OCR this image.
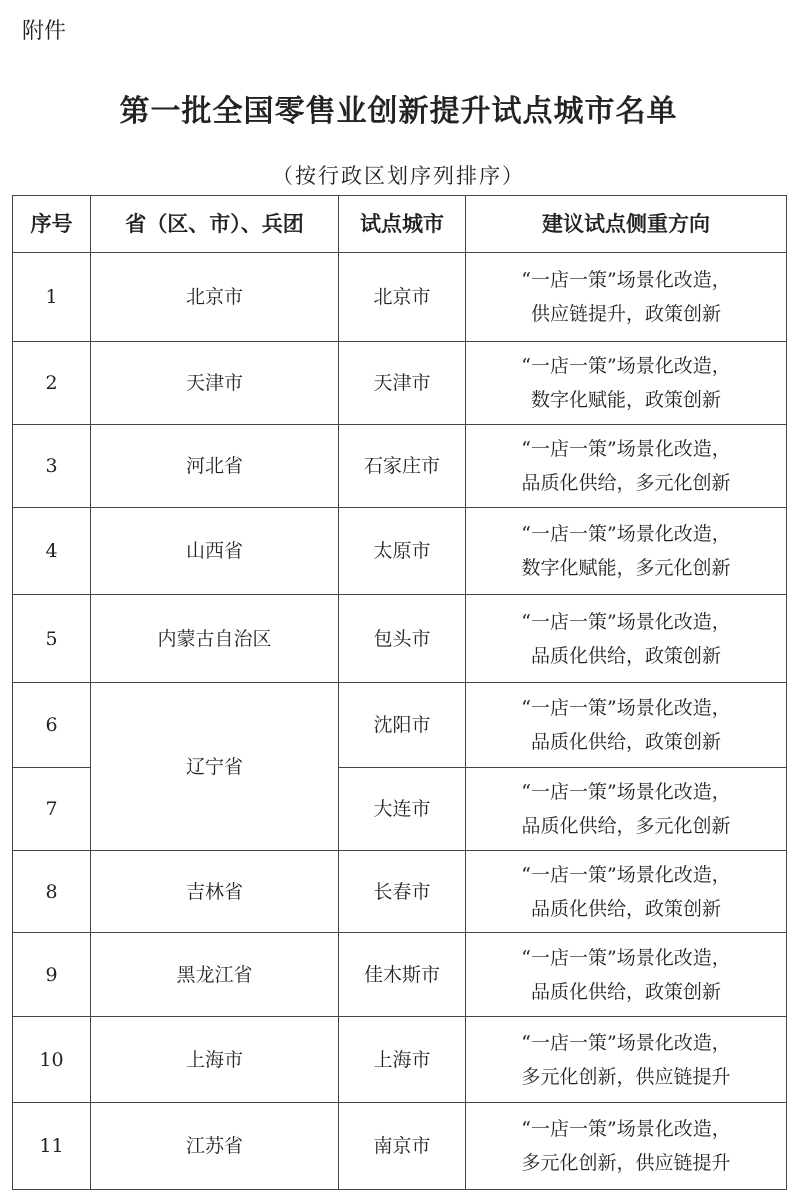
附件
第一批全国零售业创新提升试点城市名单
（按行政区划序列排序）
序号	省（区、市）、兵团	试点城市	建议试点侧重方向
1	北京市	北京市	“一店一策”场景化改造，
供应链提升，政策创新

2	天津市	天津市	“一店一策”场景化改造，
数字化赋能，政策创新

3	河北省	石家庄市	“一店一策”场景化改造，
品质化供给，多元化创新

4	山西省	太原市	“一店一策”场景化改造，
数字化赋能，多元化创新

5	内蒙古自治区	包头市	“一店一策”场景化改造，
品质化供给，政策创新

6	辽宁省	沈阳市	“一店一策”场景化改造，
品质化供给，政策创新

7		大连市	“一店一策”场景化改造，
品质化供给，多元化创新

8	吉林省	长春市	“一店一策”场景化改造，
品质化供给，政策创新

9	黑龙江省	佳木斯市	“一店一策”场景化改造，
品质化供给，政策创新

10	上海市	上海市	“一店一策”场景化改造，
多元化创新，供应链提升

11	江苏省	南京市	“一店一策”场景化改造，
多元化创新，供应链提升
